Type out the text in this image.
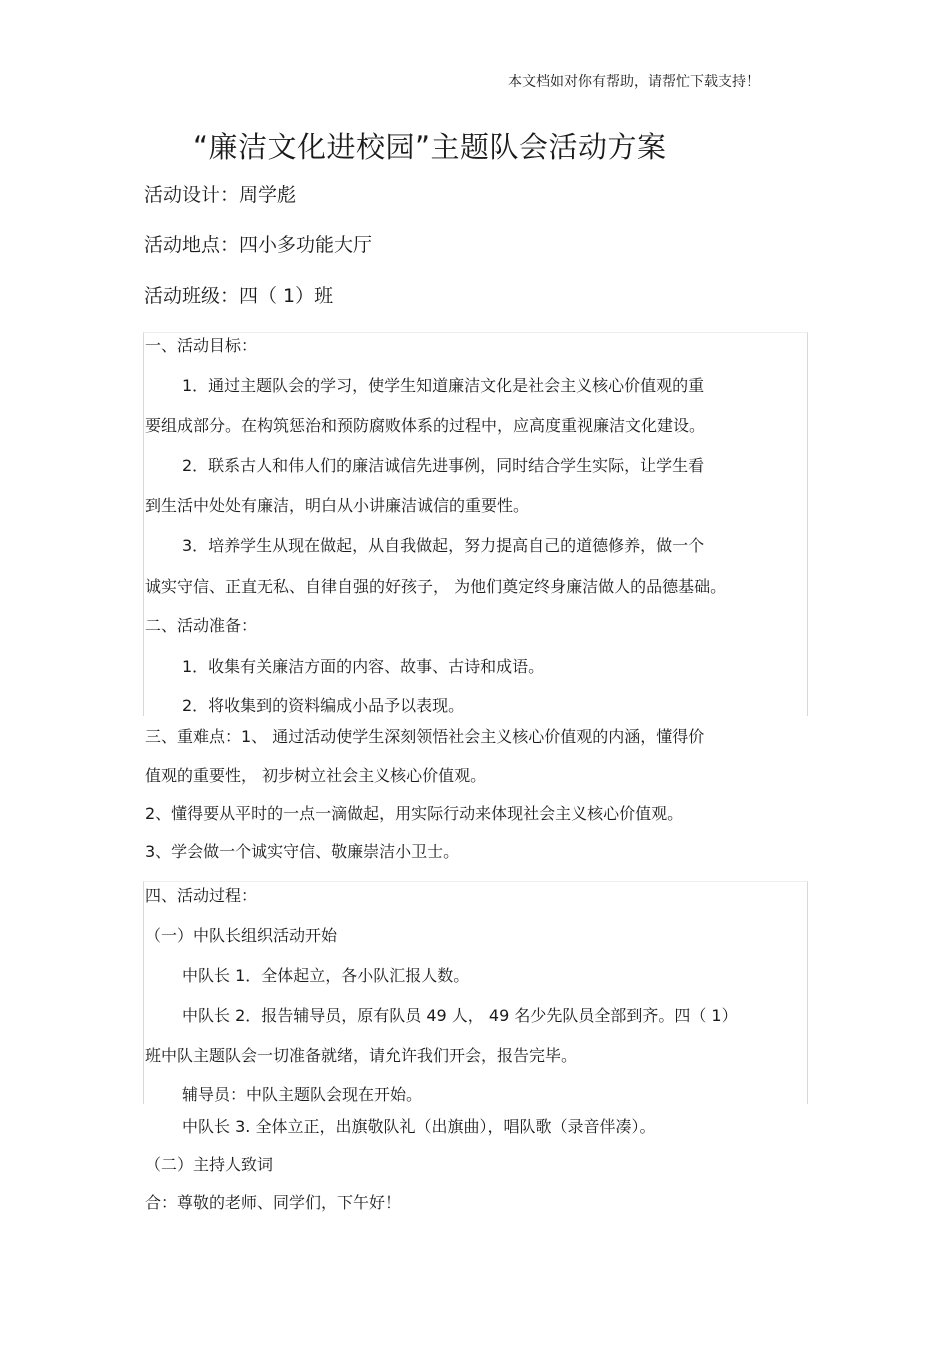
本文档如对你有帮助，请帮忙下载支持！
“廉洁文化进校园”主题队会活动方案
活动设计：周学彪
活动地点：四小多功能大厅
活动班级：四（ 1）班
一、活动目标：
1．通过主题队会的学习，使学生知道廉洁文化是社会主义核心价值观的重
要组成部分。在构筑惩治和预防腐败体系的过程中，应高度重视廉洁文化建设。
2．联系古人和伟人们的廉洁诚信先进事例，同时结合学生实际，让学生看
到生活中处处有廉洁，明白从小讲廉洁诚信的重要性。
3．培养学生从现在做起，从自我做起，努力提高自己的道德修养，做一个
诚实守信、正直无私、自律自强的好孩子， 为他们奠定终身廉洁做人的品德基础。
二、活动准备：
1．收集有关廉洁方面的内容、故事、古诗和成语。
2．将收集到的资料编成小品予以表现。
三、重难点：1、 通过活动使学生深刻领悟社会主义核心价值观的内涵，懂得价
值观的重要性， 初步树立社会主义核心价值观。
2、懂得要从平时的一点一滴做起，用实际行动来体现社会主义核心价值观。
3、学会做一个诚实守信、敬廉崇洁小卫士。
四、活动过程：
（一）中队长组织活动开始
中队长 1．全体起立，各小队汇报人数。
中队长 2．报告辅导员，原有队员 49 人， 49 名少先队员全部到齐。四（ 1）
班中队主题队会一切准备就绪，请允许我们开会，报告完毕。
辅导员：中队主题队会现在开始。
中队长 3. 全体立正，出旗敬队礼（出旗曲），唱队歌（录音伴凑）。
（二）主持人致词
合：尊敬的老师、同学们，下午好！
